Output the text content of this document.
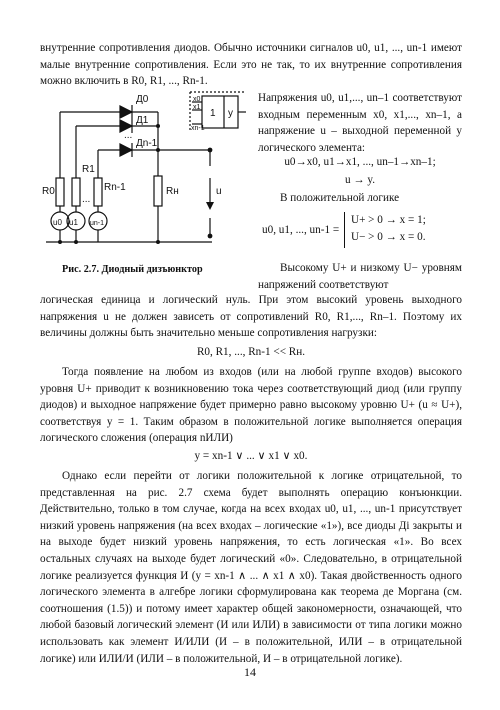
внутренние сопротивления диодов. Обычно источники сигналов u0, u1, ..., un-1 имеют малые внутренние сопротивления. Если это не так, то их внутренние сопротивления можно включить в R0, R1, ..., Rn-1.

Д0
Д1
Дn-1
...
R0
R1
Rn-1	Rн
...
u0 u1 un-1
u
x0
x1
xn-1
1 y
Рис. 2.7. Диодный дизъюнктор

Напряжения u0, u1,..., un–1 соответствуют входным переменным x0, x1,..., xn–1, а напряжение u – выходной переменной y логического элемента:

u0→x0, u1→x1, ..., un–1→xn–1;
u → y.
В положительной логике
u0, u1, ..., un-1 =
U+ > 0 → x = 1;
U− > 0 → x = 0.

Высокому U+ и низкому U− уровням напряжений соответствуют

логическая единица и логический нуль. При этом высокий уровень выходного напряжения u не должен зависеть от сопротивлений R0, R1,..., Rn–1. Поэтому их величины должны быть значительно меньше сопротивления нагрузки:

R0, R1, ..., Rn-1 << Rн.

Тогда появление на любом из входов (или на любой группе входов) высокого уровня U+ приводит к возникновению тока через соответствующий диод (или группу диодов) и выходное напряжение будет примерно равно высокому уровню U+ (u ≈ U+), соответствуя y = 1. Таким образом в положительной логике выполняется операция логического сложения (операция nИЛИ)

y = xn-1 ∨ ... ∨ x1 ∨ x0.

Однако если перейти от логики положительной к логике отрицательной, то представленная на рис. 2.7 схема будет выполнять операцию конъюнкции. Действительно, только в том случае, когда на всех входах u0, u1, ..., un-1 присутствует низкий уровень напряжения (на всех входах – логические «1»), все диоды Дi закрыты и на выходе будет низкий уровень напряжения, то есть логическая «1». Во всех остальных случаях на выходе будет логический «0». Следовательно, в отрицательной логике реализуется функция И (y = xn-1 ∧ ... ∧ x1 ∧ x0). Такая двойственность одного логического элемента в алгебре логики сформулирована как теорема де Моргана (см. соотношения (1.5)) и потому имеет характер общей закономерности, означающей, что любой базовый логический элемент (И или ИЛИ) в зависимости от типа логики можно использовать как элемент И/ИЛИ (И – в положительной, ИЛИ – в отрицательной логике) или ИЛИ/И (ИЛИ – в положительной, И – в отрицательной логике).

14
